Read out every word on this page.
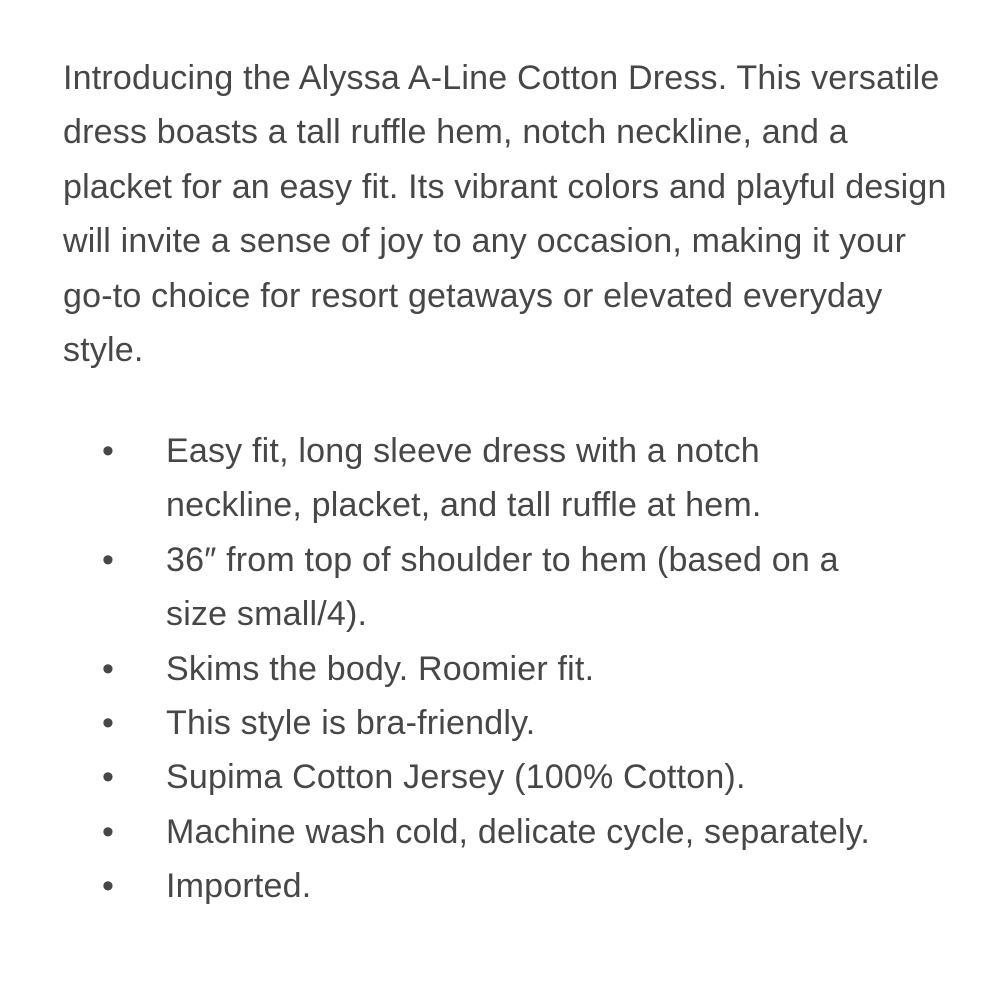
Introducing the Alyssa A-Line Cotton Dress. This versatile dress boasts a tall ruffle hem, notch neckline, and a placket for an easy fit. Its vibrant colors and playful design will invite a sense of joy to any occasion, making it your go-to choice for resort getaways or elevated everyday style.

• Easy fit, long sleeve dress with a notch neckline, placket, and tall ruffle at hem.
• 36″ from top of shoulder to hem (based on a size small/4).
• Skims the body. Roomier fit.
• This style is bra-friendly.
• Supima Cotton Jersey (100% Cotton).
• Machine wash cold, delicate cycle, separately.
• Imported.
